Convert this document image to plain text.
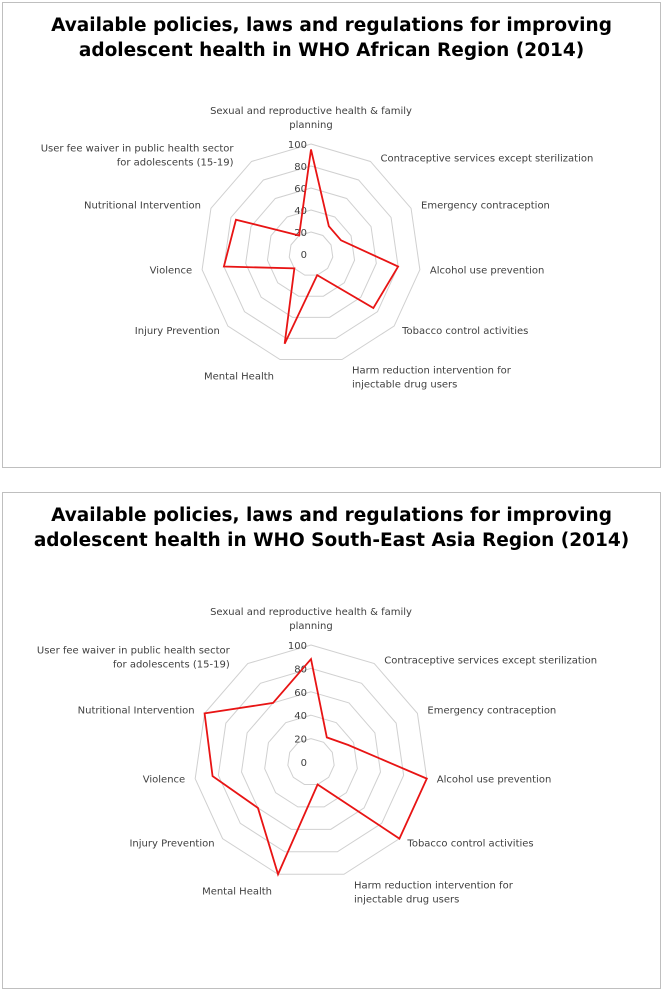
Available policies, laws and regulations for improving adolescent health in WHO African Region (2014)
0
20
40
60
80
100
Sexual and reproductive health & family planning
Contraceptive services except sterilization
Emergency contraception
Alcohol use prevention
Tobacco control activities
Harm reduction intervention for injectable drug users
Mental Health
Injury Prevention
Violence
Nutritional Intervention
User fee waiver in public health sector for adolescents (15-19)
Available policies, laws and regulations for improving adolescent health in WHO South-East Asia Region (2014)
0
20
40
60
80
100
Sexual and reproductive health & family planning
Contraceptive services except sterilization
Emergency contraception
Alcohol use prevention
Tobacco control activities
Harm reduction intervention for injectable drug users
Mental Health
Injury Prevention
Violence
Nutritional Intervention
User fee waiver in public health sector for adolescents (15-19)
